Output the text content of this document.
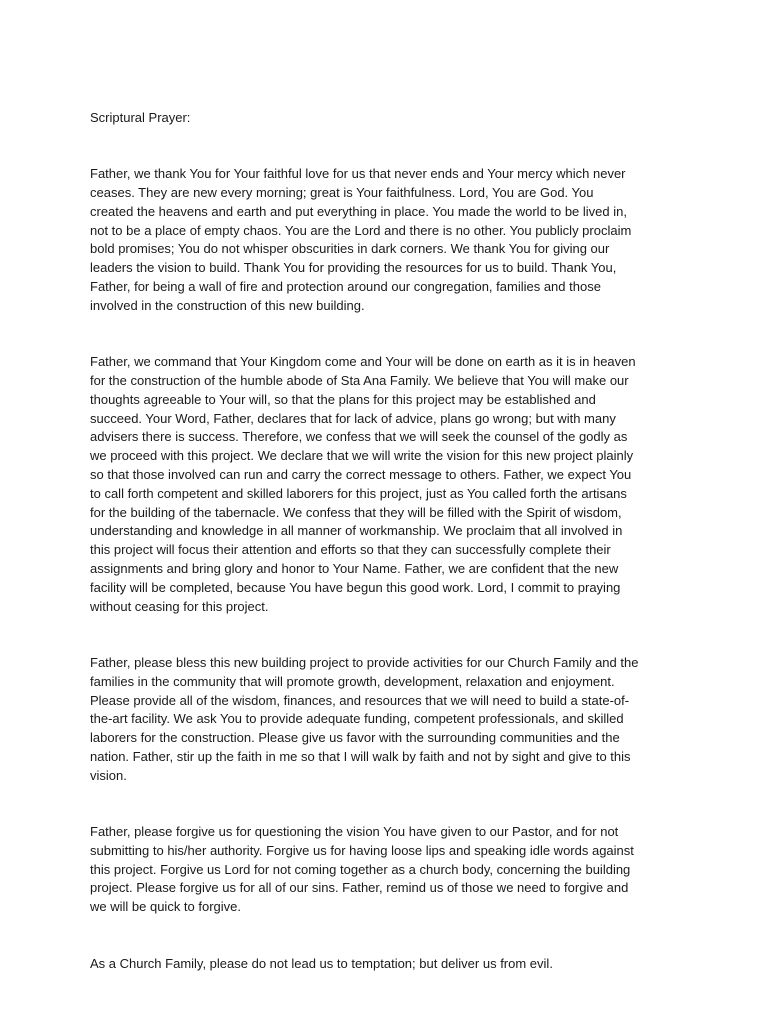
Scriptural Prayer:

Father, we thank You for Your faithful love for us that never ends and Your mercy which never
ceases. They are new every morning; great is Your faithfulness. Lord, You are God. You
created the heavens and earth and put everything in place. You made the world to be lived in,
not to be a place of empty chaos. You are the Lord and there is no other. You publicly proclaim
bold promises; You do not whisper obscurities in dark corners. We thank You for giving our
leaders the vision to build. Thank You for providing the resources for us to build. Thank You,
Father, for being a wall of fire and protection around our congregation, families and those
involved in the construction of this new building.

Father, we command that Your Kingdom come and Your will be done on earth as it is in heaven
for the construction of the humble abode of Sta Ana Family. We believe that You will make our
thoughts agreeable to Your will, so that the plans for this project may be established and
succeed. Your Word, Father, declares that for lack of advice, plans go wrong; but with many
advisers there is success. Therefore, we confess that we will seek the counsel of the godly as
we proceed with this project. We declare that we will write the vision for this new project plainly
so that those involved can run and carry the correct message to others. Father, we expect You
to call forth competent and skilled laborers for this project, just as You called forth the artisans
for the building of the tabernacle. We confess that they will be filled with the Spirit of wisdom,
understanding and knowledge in all manner of workmanship. We proclaim that all involved in
this project will focus their attention and efforts so that they can successfully complete their
assignments and bring glory and honor to Your Name. Father, we are confident that the new
facility will be completed, because You have begun this good work. Lord, I commit to praying
without ceasing for this project.

Father, please bless this new building project to provide activities for our Church Family and the
families in the community that will promote growth, development, relaxation and enjoyment.
Please provide all of the wisdom, finances, and resources that we will need to build a state-of-
the-art facility. We ask You to provide adequate funding, competent professionals, and skilled
laborers for the construction. Please give us favor with the surrounding communities and the
nation. Father, stir up the faith in me so that I will walk by faith and not by sight and give to this
vision.

Father, please forgive us for questioning the vision You have given to our Pastor, and for not
submitting to his/her authority. Forgive us for having loose lips and speaking idle words against
this project. Forgive us Lord for not coming together as a church body, concerning the building
project. Please forgive us for all of our sins. Father, remind us of those we need to forgive and
we will be quick to forgive.

As a Church Family, please do not lead us to temptation; but deliver us from evil.
